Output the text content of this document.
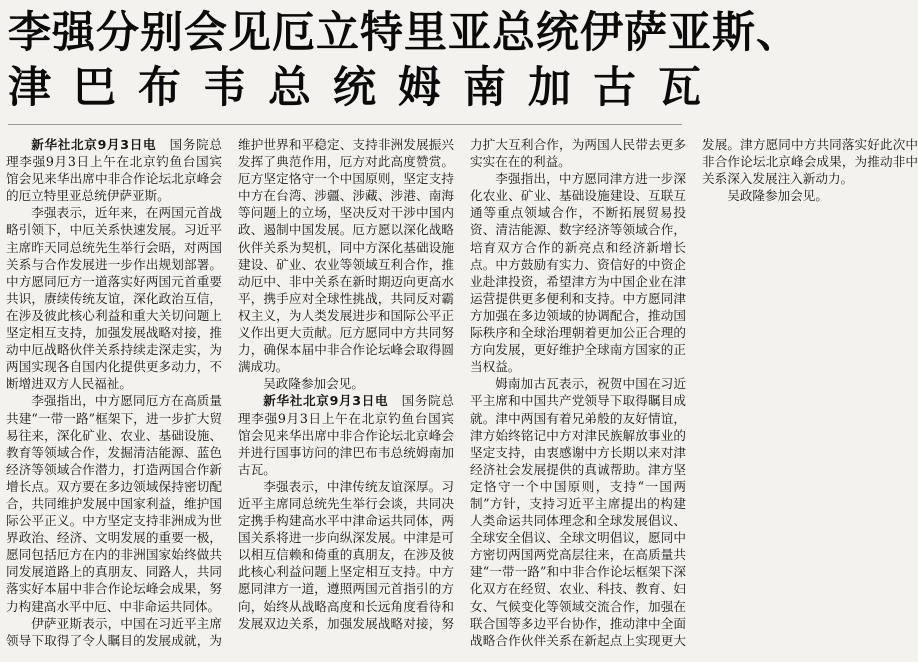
李强分别会见厄立特里亚总统伊萨亚斯、
津巴布韦总统姆南加古瓦

新华社北京9月3日电　 国务院总理李强9月3日上午在北京钓鱼台国宾馆会见来华出席中非合作论坛北京峰会的厄立特里亚总统伊萨亚斯。

李强表示，近年来，在两国元首战略引领下，中厄关系快速发展。习近平主席昨天同总统先生举行会晤，对两国关系与合作发展进一步作出规划部署。中方愿同厄方一道落实好两国元首重要共识，赓续传统友谊，深化政治互信，在涉及彼此核心利益和重大关切问题上坚定相互支持，加强发展战略对接，推动中厄战略伙伴关系持续走深走实，为两国实现各自国内化提供更多动力，不断增进双方人民福祉。

李强指出，中方愿同厄方在高质量共建“一带一路”框架下，进一步扩大贸易往来，深化矿业、农业、基础设施、教育等领域合作，发掘清洁能源、蓝色经济等领域合作潜力，打造两国合作新增长点。双方要在多边领域保持密切配合，共同维护发展中国家利益，维护国际公平正义。中方坚定支持非洲成为世界政治、经济、文明发展的重要一极，愿同包括厄方在内的非洲国家始终做共同发展道路上的真朋友、同路人，共同落实好本届中非合作论坛峰会成果，努力构建高水平中厄、中非命运共同体。

伊萨亚斯表示，中国在习近平主席领导下取得了令人瞩目的发展成就，为维护世界和平稳定、支持非洲发展振兴发挥了典范作用，厄方对此高度赞赏。厄方坚定恪守一个中国原则，坚定支持中方在台湾、涉疆、涉藏、涉港、南海等问题上的立场，坚决反对干涉中国内政、遏制中国发展。厄方愿以深化战略伙伴关系为契机，同中方深化基础设施建设、矿业、农业等领域互利合作，推动厄中、非中关系在新时期迈向更高水平，携手应对全球性挑战，共同反对霸权主义，为人类发展进步和国际公平正义作出更大贡献。厄方愿同中方共同努力，确保本届中非合作论坛峰会取得圆满成功。

吴政隆参加会见。

新华社北京9月3日电　 国务院总理李强9月3日上午在北京钓鱼台国宾馆会见来华出席中非合作论坛北京峰会并进行国事访问的津巴布韦总统姆南加古瓦。

李强表示，中津传统友谊深厚。习近平主席同总统先生举行会谈，共同决定携手构建高水平中津命运共同体，两国关系将进一步向纵深发展。中津是可以相互信赖和倚重的真朋友，在涉及彼此核心利益问题上坚定相互支持。中方愿同津方一道，遵照两国元首指引的方向，始终从战略高度和长远角度看待和发展双边关系，加强发展战略对接，努力扩大互利合作，为两国人民带去更多实实在在的利益。

李强指出，中方愿同津方进一步深化农业、矿业、基础设施建设、互联互通等重点领域合作，不断拓展贸易投资、清洁能源、数字经济等领域合作，培育双方合作的新亮点和经济新增长点。中方鼓励有实力、资信好的中资企业赴津投资，希望津方为中国企业在津运营提供更多便利和支持。中方愿同津方加强在多边领域的协调配合，推动国际秩序和全球治理朝着更加公正合理的方向发展，更好维护全球南方国家的正当权益。

姆南加古瓦表示，祝贺中国在习近平主席和中国共产党领导下取得瞩目成就。津中两国有着兄弟般的友好情谊，津方始终铭记中方对津民族解放事业的坚定支持，由衷感谢中方长期以来对津经济社会发展提供的真诚帮助。津方坚定恪守一个中国原则，支持“一国两制”方针，支持习近平主席提出的构建人类命运共同体理念和全球发展倡议、全球安全倡议、全球文明倡议，愿同中方密切两国两党高层往来，在高质量共建“一带一路”和中非合作论坛框架下深化双方在经贸、农业、科技、教育、妇女、气候变化等领域交流合作，加强在联合国等多边平台协作，推动津中全面战略合作伙伴关系在新起点上实现更大发展。津方愿同中方共同落实好此次中非合作论坛北京峰会成果，为推动非中关系深入发展注入新动力。

吴政隆参加会见。
